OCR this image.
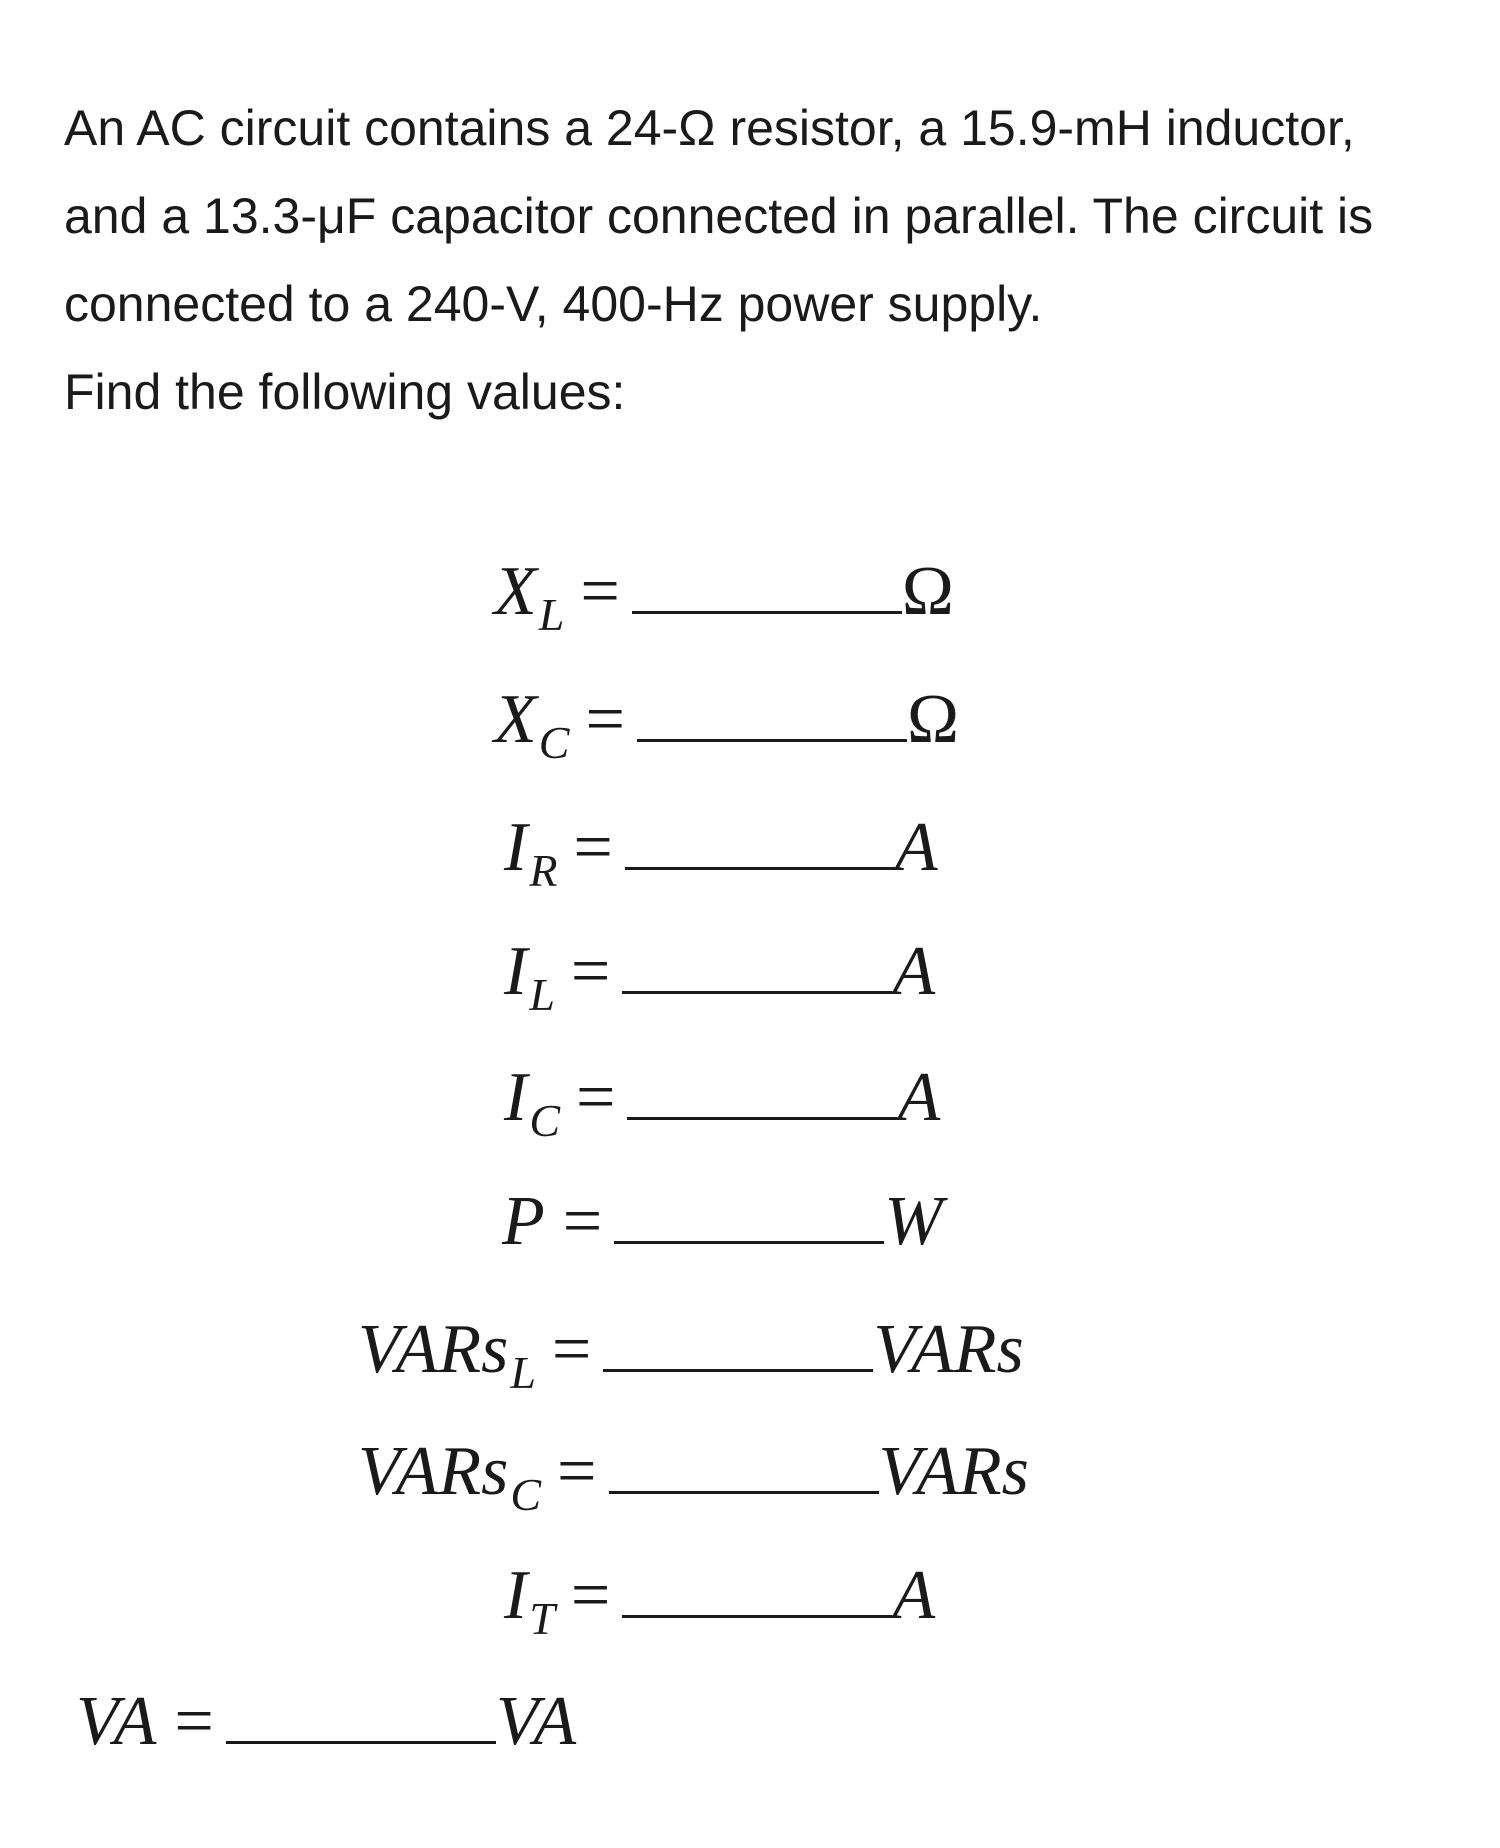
An AC circuit contains a 24-Ω resistor, a 15.9-mH inductor, and a 13.3-μF capacitor connected in parallel. The circuit is connected to a 240-V, 400-Hz power supply.

Find the following values:

X L =	Ω
X C =	Ω
I R =	A
I L =	A
I C =	A
P =	W
VARs L =	VARs
VARs C =	VARs
I T =	A
VA =	VA
